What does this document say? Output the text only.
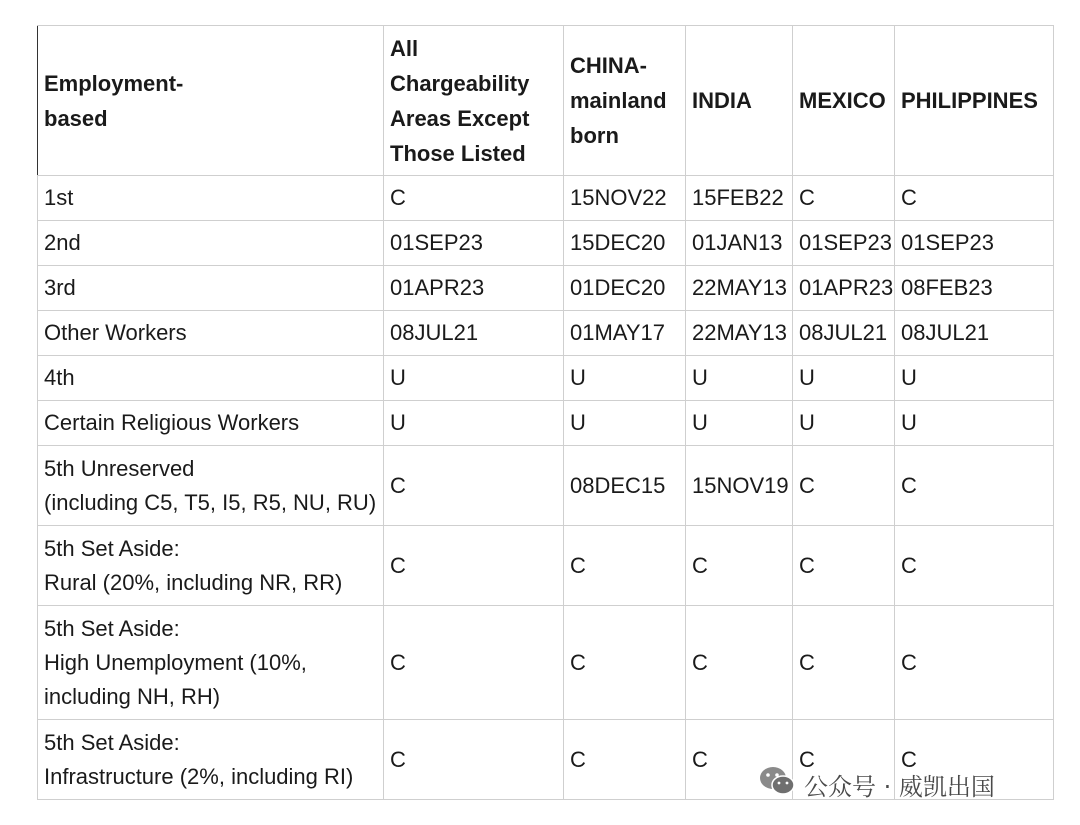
Employment-
based	All
Chargeability
Areas Except
Those Listed	CHINA-
mainland
born	INDIA	MEXICO	PHILIPPINES
1st	C	15NOV22	15FEB22	C	C
2nd	01SEP23	15DEC20	01JAN13	01SEP23	01SEP23
3rd	01APR23	01DEC20	22MAY13	01APR23	08FEB23
Other Workers	08JUL21	01MAY17	22MAY13	08JUL21	08JUL21
4th	U	U	U	U	U
Certain Religious Workers	U	U	U	U	U
5th Unreserved
(including C5, T5, I5, R5, NU, RU)	C	08DEC15	15NOV19	C	C
5th Set Aside:
Rural (20%, including NR, RR)	C	C	C	C	C
5th Set Aside:
High Unemployment (10%,
including NH, RH)	C	C	C	C	C
5th Set Aside:
Infrastructure (2%, including RI)	C	C	C	C	C
公众号 · 威凯出国
